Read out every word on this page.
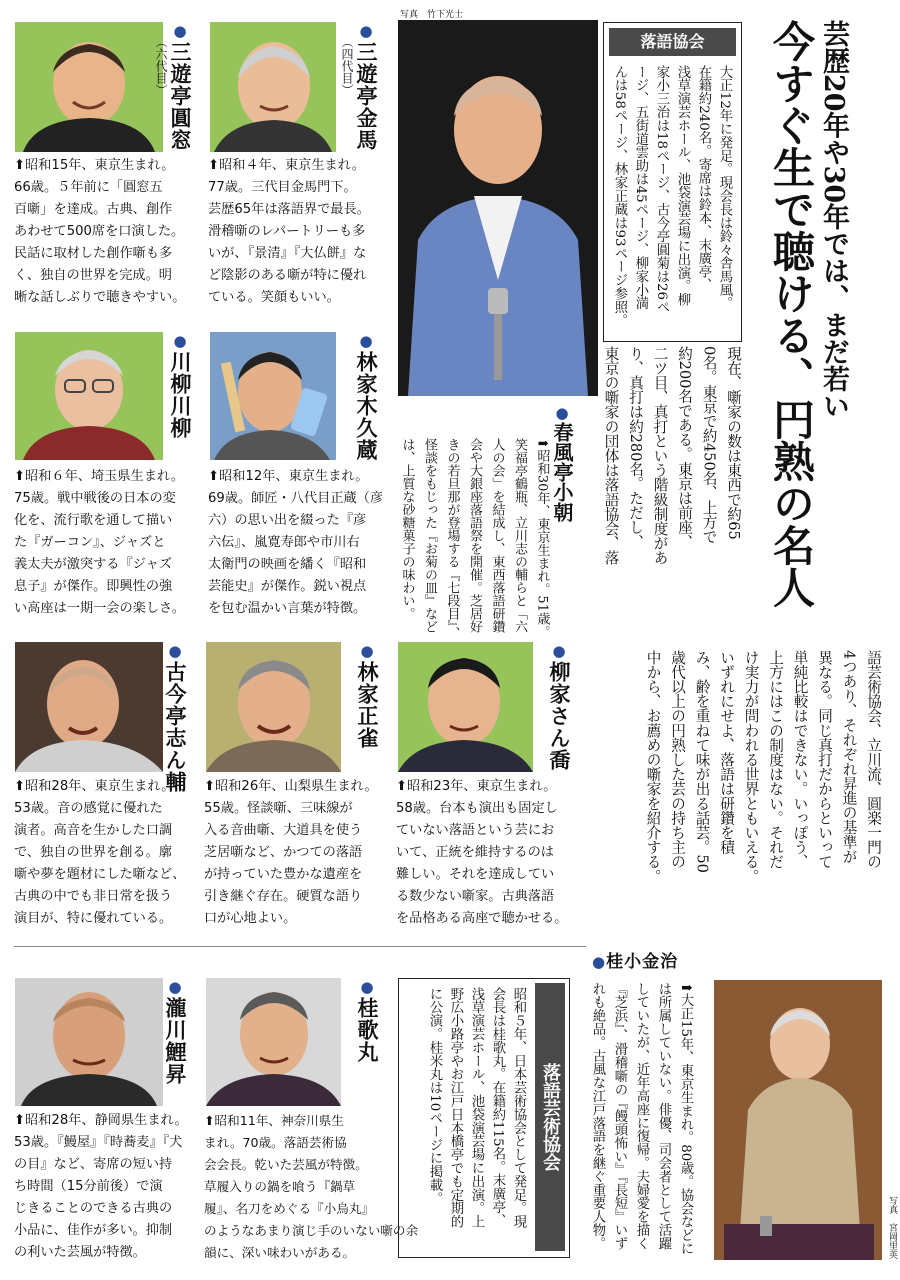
●三遊亭圓窓
（六代目）
●三遊亭金馬
（四代目）
写真　竹下光士
●春風亭小朝
落語協会
大正12年に発足。現会長は鈴々舎馬風。
在籍約240名。寄席は鈴本、末廣亭、
浅草演芸ホール、池袋演芸場に出演。柳
家小三治は18ページ、古今亭圓菊は26ペ
ージ、五街道雲助は45ページ、柳家小満
んは58ページ、林家正蔵は93ページ参照。	芸歴20年や30年では、まだ若い
今すぐ生で聴ける、円熟の名人
⬆昭和15年、東京生まれ。
66歳。５年前に「圓窓五
百噺」を達成。古典、創作
あわせて500席を口演した。
民話に取材した創作噺も多
く、独自の世界を完成。明
晰な話しぶりで聴きやすい。
⬆昭和４年、東京生まれ。
77歳。三代目金馬門下。
芸歴65年は落語界で最長。
滑稽噺のレパートリーも多
いが、『景清』『大仏餅』な
ど陰影のある噺が特に優れ
ている。笑顔もいい。
●川柳川柳
●林家木久蔵
⬆昭和６年、埼玉県生まれ。
75歳。戦中戦後の日本の変
化を、流行歌を通して描い
た『ガーコン』、ジャズと
義太夫が激突する『ジャズ
息子』が傑作。即興性の強
い高座は一期一会の楽しさ。
⬆昭和12年、東京生まれ。
69歳。師匠・八代目正蔵（彦
六）の思い出を綴った『彦
六伝』、嵐寛寿郎や市川右
太衛門の映画を繙く『昭和
芸能史』が傑作。鋭い視点
を包む温かい言葉が特徴。	⬆昭和30年、東京生まれ。51歳。
笑福亭鶴瓶、立川志の輔らと「六
人の会」を結成し、東西落語研鑽
会や大銀座落語祭を開催。芝居好
きの若旦那が登場する『七段目』、
怪談をもじった『お菊の皿』など
は、上質な砂糖菓子の味わい。	現在、噺家の数は東西で約65
0名。東京で約450名、上方で
約200名である。東京は前座、
二ツ目、真打という階級制度があ
り、真打は約280名。ただし、
東京の噺家の団体は落語協会、落
●古今亭志ん輔
●林家正雀
●柳家さん喬
⬆昭和28年、東京生まれ。
53歳。音の感覚に優れた
演者。高音を生かした口調
で、独自の世界を創る。廓
噺や夢を題材にした噺など、
古典の中でも非日常を扱う
演目が、特に優れている。
⬆昭和26年、山梨県生まれ。
55歳。怪談噺、三味線が
入る音曲噺、大道具を使う
芝居噺など、かつての落語
が持っていた豊かな遺産を
引き継ぐ存在。硬質な語り
口が心地よい。
⬆昭和23年、東京生まれ。
58歳。台本も演出も固定し
ていない落語という芸にお
いて、正統を維持するのは
難しい。それを達成してい
る数少ない噺家。古典落語
を品格ある高座で聴かせる。
語芸術協会、立川流、圓楽一門の
4つあり、それぞれ昇進の基準が
異なる。同じ真打だからといって
単純比較はできない。いっぽう、
上方にはこの制度はない。それだ
け実力が問われる世界ともいえる。
いずれにせよ、落語は研鑽を積
み、齢を重ねて味が出る話芸。50
歳代以上の円熟した芸の持ち主の
中から、お薦めの噺家を紹介する。
●瀧川鯉昇
●桂歌丸
⬆昭和28年、静岡県生まれ。
53歳。『鰻屋』『時蕎麦』『犬
の目』など、寄席の短い持
ち時間（15分前後）で演
じきることのできる古典の
小品に、佳作が多い。抑制
の利いた芸風が特徴。
⬆昭和11年、神奈川県生
まれ。70歳。落語芸術協
会会長。乾いた芸風が特徴。
草履入りの鍋を喰う『鍋草
履』、名刀をめぐる『小烏丸』
のようなあまり演じ手のいない噺の余
韻に、深い味わいがある。
落語芸術協会
昭和５年、日本芸術協会として発足。現
会長は桂歌丸。在籍約115名。末廣亭、
浅草演芸ホール、池袋演芸場に出演。上
野広小路亭やお江戸日本橋亭でも定期的
に公演。桂米丸は10ページに掲載。
●桂小金治
⬆大正15年、東京生まれ。80歳。協会などに
は所属していない。俳優、司会者として活躍
していたが、近年高座に復帰。夫婦愛を描く
『芝浜』、滑稽噺の『饅頭怖い』『長短』いず
れも絶品。古風な江戸落語を継ぐ重要人物。	写真　宮岡里英
